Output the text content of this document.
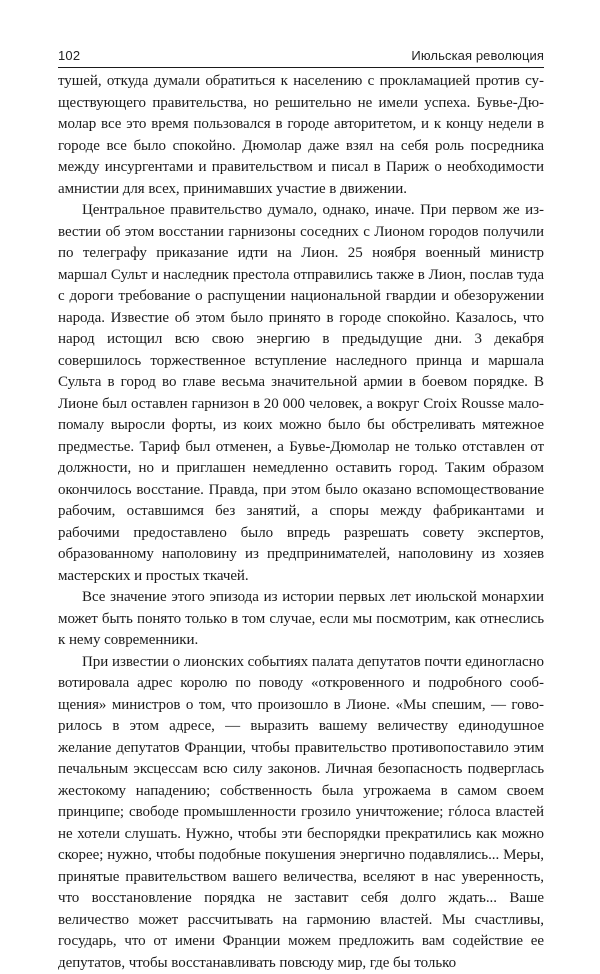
102	Июльская революция

тушей, откуда думали обратиться к населению с прокламацией против существующего правительства, но решительно не имели успеха. Бувье-Дюмолар все это время пользовался в городе авторитетом, и к концу недели в городе все было спокойно. Дюмолар даже взял на себя роль посредника между инсургентами и правительством и писал в Париж о необходимости амнистии для всех, принимавших участие в движении.

Центральное правительство думало, однако, иначе. При первом же известии об этом восстании гарнизоны соседних с Лионом городов получили по телеграфу приказание идти на Лион. 25 ноября военный министр маршал Сульт и наследник престола отправились также в Лион, послав туда с дороги требование о распущении национальной гвардии и обезоружении народа. Известие об этом было принято в городе спокойно. Казалось, что народ истощил всю свою энергию в предыдущие дни. 3 декабря совершилось торжественное вступление наследного принца и маршала Сульта в город во главе весьма значительной армии в боевом порядке. В Лионе был оставлен гарнизон в 20 000 человек, а вокруг Croix Rousse мало-помалу выросли форты, из коих можно было бы обстреливать мятежное предместье. Тариф был отменен, а Бувье-Дюмолар не только отставлен от должности, но и приглашен немедленно оставить город. Таким образом окончилось восстание. Правда, при этом было оказано вспомоществование рабочим, оставшимся без занятий, а споры между фабрикантами и рабочими предоставлено было впредь разрешать совету экспертов, образованному наполовину из предпринимателей, наполовину из хозяев мастерских и простых ткачей.

Все значение этого эпизода из истории первых лет июльской монархии может быть понято только в том случае, если мы посмотрим, как отнеслись к нему современники.

При известии о лионских событиях палата депутатов почти единогласно вотировала адрес королю по поводу «откровенного и подробного сообщения» министров о том, что произошло в Лионе. «Мы спешим, — говорилось в этом адресе, — выразить вашему величеству единодушное желание депутатов Франции, чтобы правительство противопоставило этим печальным эксцессам всю силу законов. Личная безопасность подверглась жестокому нападению; собственность была угрожаема в самом своем принципе; свободе промышленности грозило уничтожение; гóлоса властей не хотели слушать. Нужно, чтобы эти беспорядки прекратились как можно скорее; нужно, чтобы подобные покушения энергично подавлялись... Меры, принятые правительством вашего величества, вселяют в нас уверенность, что восстановление порядка не заставит себя долго ждать... Ваше величество может рассчитывать на гармонию властей. Мы счастливы, государь, что от имени Франции можем предложить вам содействие ее депутатов, чтобы восстанавливать повсюду мир, где бы только
